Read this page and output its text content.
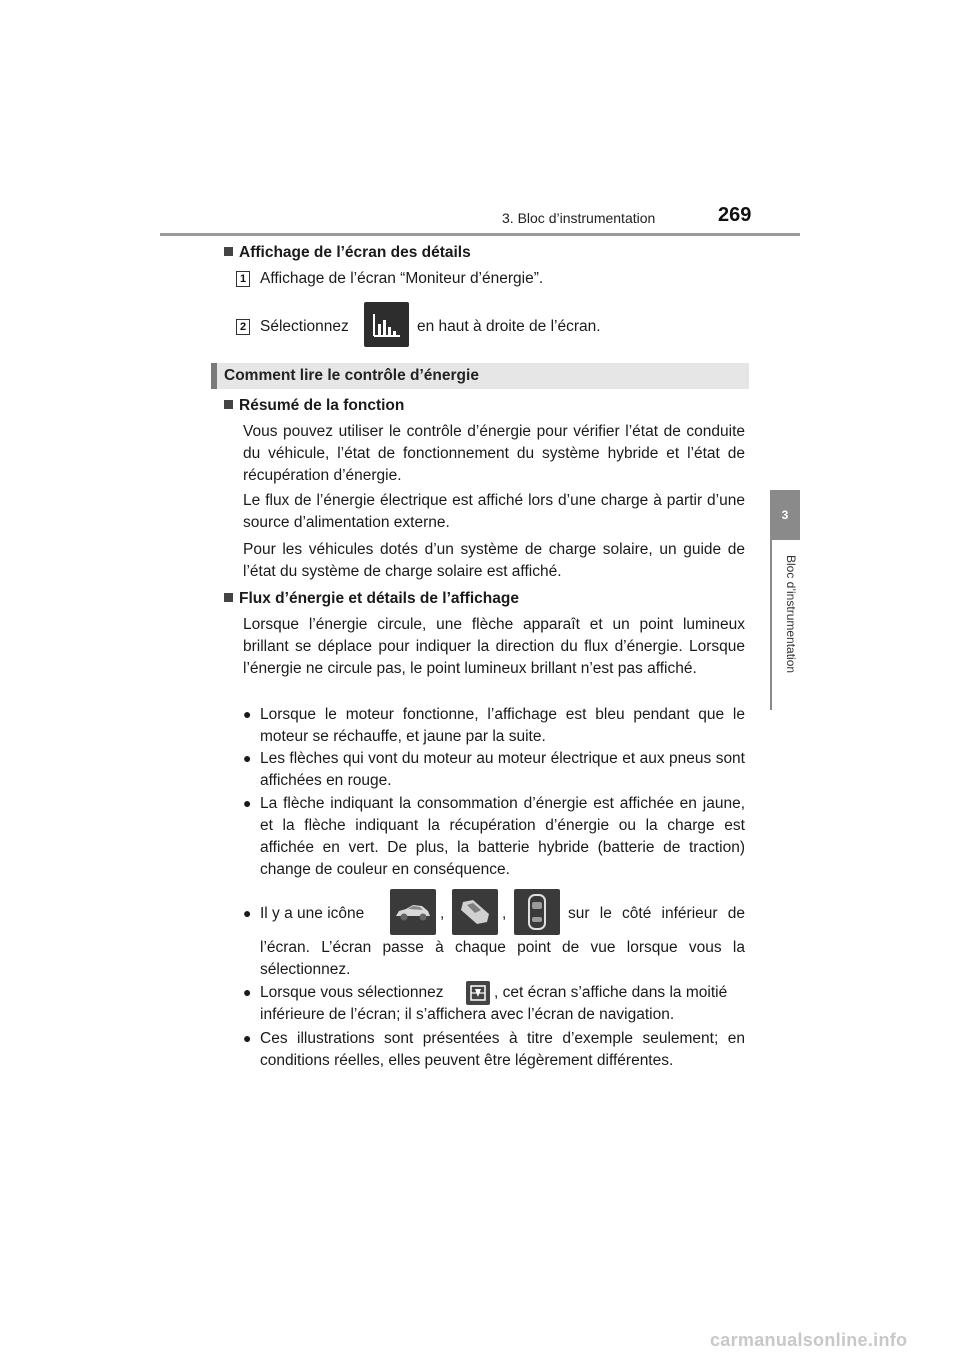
3. Bloc d’instrumentation	269
3
Bloc d’instrumentation
Affichage de l’écran des détails
1 Affichage de l’écran “Moniteur d’énergie”.
2 Sélectionnez	en haut à droite de l’écran.
Comment lire le contrôle d’énergie
Résumé de la fonction
Vous pouvez utiliser le contrôle d’énergie pour vérifier l’état de conduite du véhicule, l’état de fonctionnement du système hybride et l’état de récupération d’énergie.
Le flux de l’énergie électrique est affiché lors d’une charge à partir d’une source d’alimentation externe.
Pour les véhicules dotés d’un système de charge solaire, un guide de l’état du système de charge solaire est affiché.
Flux d’énergie et détails de l’affichage
Lorsque l’énergie circule, une flèche apparaît et un point lumineux brillant se déplace pour indiquer la direction du flux d’énergie. Lorsque l’énergie ne circule pas, le point lumineux brillant n’est pas affiché.
● Lorsque le moteur fonctionne, l’affichage est bleu pendant que le moteur se réchauffe, et jaune par la suite.
● Les flèches qui vont du moteur au moteur électrique et aux pneus sont affichées en rouge.
● La flèche indiquant la consommation d’énergie est affichée en jaune, et la flèche indiquant la récupération d’énergie ou la charge est affichée en vert. De plus, la batterie hybride (batterie de traction) change de couleur en conséquence.
● Il y a une icône	,	,	sur le côté inférieur de
l’écran. L’écran passe à chaque point de vue lorsque vous la sélectionnez.
● Lorsque vous sélectionnez	, cet écran s’affiche dans la moitié
inférieure de l’écran; il s’affichera avec l’écran de navigation.
● Ces illustrations sont présentées à titre d’exemple seulement; en conditions réelles, elles peuvent être légèrement différentes.
carmanualsonline.info
